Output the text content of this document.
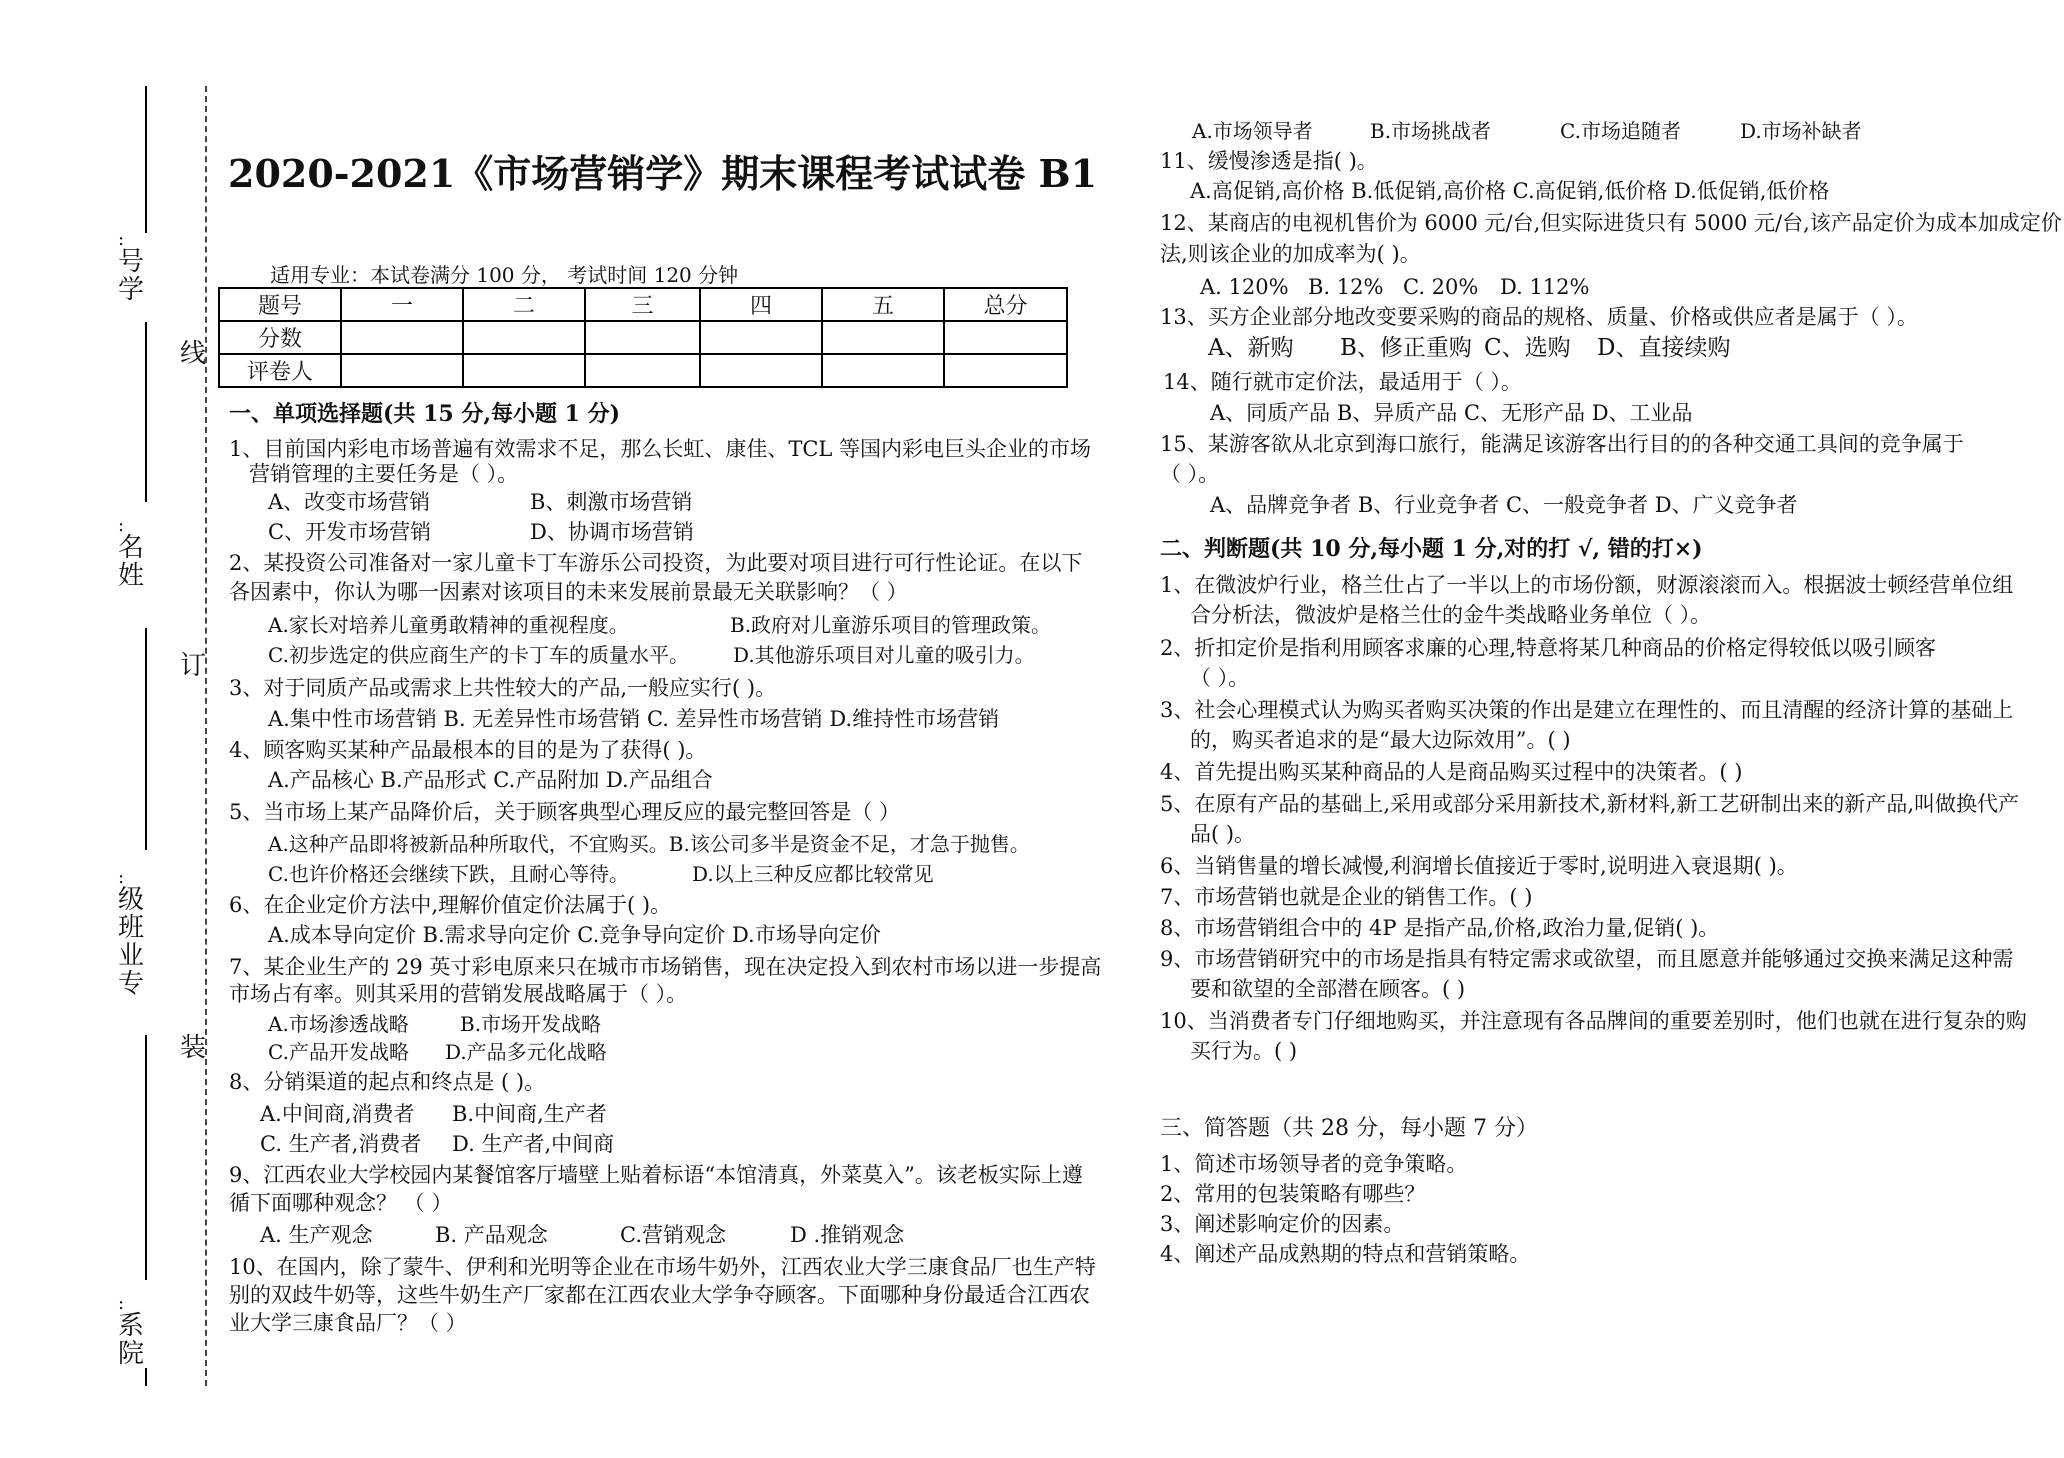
:
号
学
:
名
姓
:
级
班
业
专
:
系
院
线
订
装
2020-2021《市场营销学》期末课程考试试卷 B1
适用专业：本试卷满分 100 分， 考试时间 120 分钟
题号	一	二	三	四	五	总分
分数						
评卷人						
一、单项选择题(共 15 分,每小题 1 分)
1、目前国内彩电市场普遍有效需求不足，那么长虹、康佳、TCL 等国内彩电巨头企业的市场
营销管理的主要任务是（ ）。
A、改变市场营销	B、刺激市场营销
C、开发市场营销	D、协调市场营销
2、某投资公司准备对一家儿童卡丁车游乐公司投资，为此要对项目进行可行性论证。在以下
各因素中，你认为哪一因素对该项目的未来发展前景最无关联影响？（ ）
A.家长对培养儿童勇敢精神的重视程度。	B.政府对儿童游乐项目的管理政策。
C.初步选定的供应商生产的卡丁车的质量水平。 D.其他游乐项目对儿童的吸引力。
3、对于同质产品或需求上共性较大的产品,一般应实行( )。
A.集中性市场营销 B. 无差异性市场营销 C. 差异性市场营销 D.维持性市场营销
4、顾客购买某种产品最根本的目的是为了获得( )。
A.产品核心 B.产品形式 C.产品附加 D.产品组合
5、当市场上某产品降价后，关于顾客典型心理反应的最完整回答是（ ）
A.这种产品即将被新品种所取代，不宜购买。B.该公司多半是资金不足，才急于抛售。
C.也许价格还会继续下跌，且耐心等待。	D.以上三种反应都比较常见
6、在企业定价方法中,理解价值定价法属于( )。
A.成本导向定价 B.需求导向定价 C.竞争导向定价 D.市场导向定价
7、某企业生产的 29 英寸彩电原来只在城市市场销售，现在决定投入到农村市场以进一步提高
市场占有率。则其采用的营销发展战略属于（ ）。
A.市场渗透战略	B.市场开发战略
C.产品开发战略 D.产品多元化战略
8、分销渠道的起点和终点是 ( )。
A.中间商,消费者 B.中间商,生产者
C. 生产者,消费者 D. 生产者,中间商
9、江西农业大学校园内某餐馆客厅墙壁上贴着标语“本馆清真，外菜莫入”。该老板实际上遵
循下面哪种观念？ （ ）
A. 生产观念	B. 产品观念	C.营销观念	D .推销观念
10、在国内，除了蒙牛、伊利和光明等企业在市场牛奶外，江西农业大学三康食品厂也生产特
别的双歧牛奶等，这些牛奶生产厂家都在江西农业大学争夺顾客。下面哪种身份最适合江西农
业大学三康食品厂？（ ）
A.市场领导者	B.市场挑战者	C.市场追随者	D.市场补缺者
11、缓慢渗透是指( )。
A.高促销,高价格 B.低促销,高价格 C.高促销,低价格 D.低促销,低价格
12、某商店的电视机售价为 6000 元/台,但实际进货只有 5000 元/台,该产品定价为成本加成定价
法,则该企业的加成率为( )。
A. 120% B. 12% C. 20% D. 112%
13、买方企业部分地改变要采购的商品的规格、质量、价格或供应者是属于（ ）。
A、新购 B、修正重购 C、选购 D、直接续购
14、随行就市定价法，最适用于（ ）。
A、同质产品 B、异质产品 C、无形产品 D、工业品
15、某游客欲从北京到海口旅行，能满足该游客出行目的的各种交通工具间的竞争属于
（ ）。
A、品牌竞争者 B、行业竞争者 C、一般竞争者 D、广义竞争者
二、判断题(共 10 分,每小题 1 分,对的打 √, 错的打×)
1、在微波炉行业，格兰仕占了一半以上的市场份额，财源滚滚而入。根据波士顿经营单位组
合分析法，微波炉是格兰仕的金牛类战略业务单位（ ）。
2、折扣定价是指利用顾客求廉的心理,特意将某几种商品的价格定得较低以吸引顾客
（ ）。
3、社会心理模式认为购买者购买决策的作出是建立在理性的、而且清醒的经济计算的基础上
的，购买者追求的是“最大边际效用”。( )
4、首先提出购买某种商品的人是商品购买过程中的决策者。( )
5、在原有产品的基础上,采用或部分采用新技术,新材料,新工艺研制出来的新产品,叫做换代产
品( )。
6、当销售量的增长减慢,利润增长值接近于零时,说明进入衰退期( )。
7、市场营销也就是企业的销售工作。( )
8、市场营销组合中的 4P 是指产品,价格,政治力量,促销( )。
9、市场营销研究中的市场是指具有特定需求或欲望，而且愿意并能够通过交换来满足这种需
要和欲望的全部潜在顾客。( )
10、当消费者专门仔细地购买，并注意现有各品牌间的重要差别时，他们也就在进行复杂的购
买行为。( )
三、简答题（共 28 分，每小题 7 分）
1、简述市场领导者的竞争策略。
2、常用的包装策略有哪些？
3、阐述影响定价的因素。
4、阐述产品成熟期的特点和营销策略。
